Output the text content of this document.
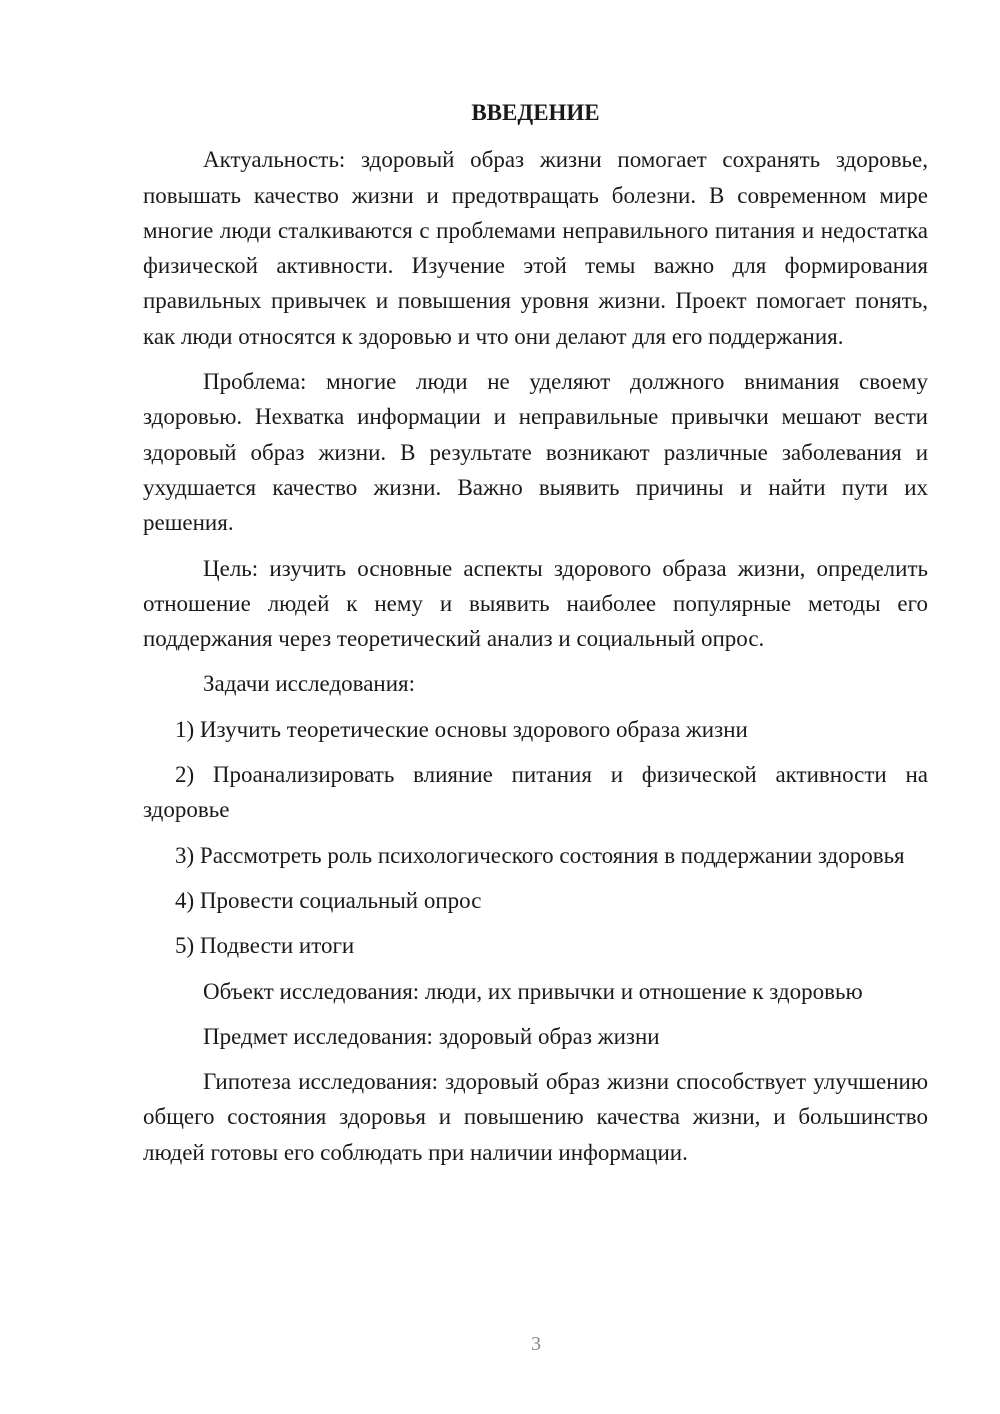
ВВЕДЕНИЕ

Актуальность: здоровый образ жизни помогает сохранять здоровье, повышать качество жизни и предотвращать болезни. В современном мире многие люди сталкиваются с проблемами неправильного питания и недостатка физической активности. Изучение этой темы важно для формирования правильных привычек и повышения уровня жизни. Проект помогает понять, как люди относятся к здоровью и что они делают для его поддержания.

Проблема: многие люди не уделяют должного внимания своему здоровью. Нехватка информации и неправильные привычки мешают вести здоровый образ жизни. В результате возникают различные заболевания и ухудшается качество жизни. Важно выявить причины и найти пути их решения.

Цель: изучить основные аспекты здорового образа жизни, определить отношение людей к нему и выявить наиболее популярные методы его поддержания через теоретический анализ и социальный опрос.

Задачи исследования:

1) Изучить теоретические основы здорового образа жизни

2) Проанализировать влияние питания и физической активности на здоровье

3) Рассмотреть роль психологического состояния в поддержании здоровья

4) Провести социальный опрос

5) Подвести итоги

Объект исследования: люди, их привычки и отношение к здоровью

Предмет исследования: здоровый образ жизни

Гипотеза исследования: здоровый образ жизни способствует улучшению общего состояния здоровья и повышению качества жизни, и большинство людей готовы его соблюдать при наличии информации.

3
